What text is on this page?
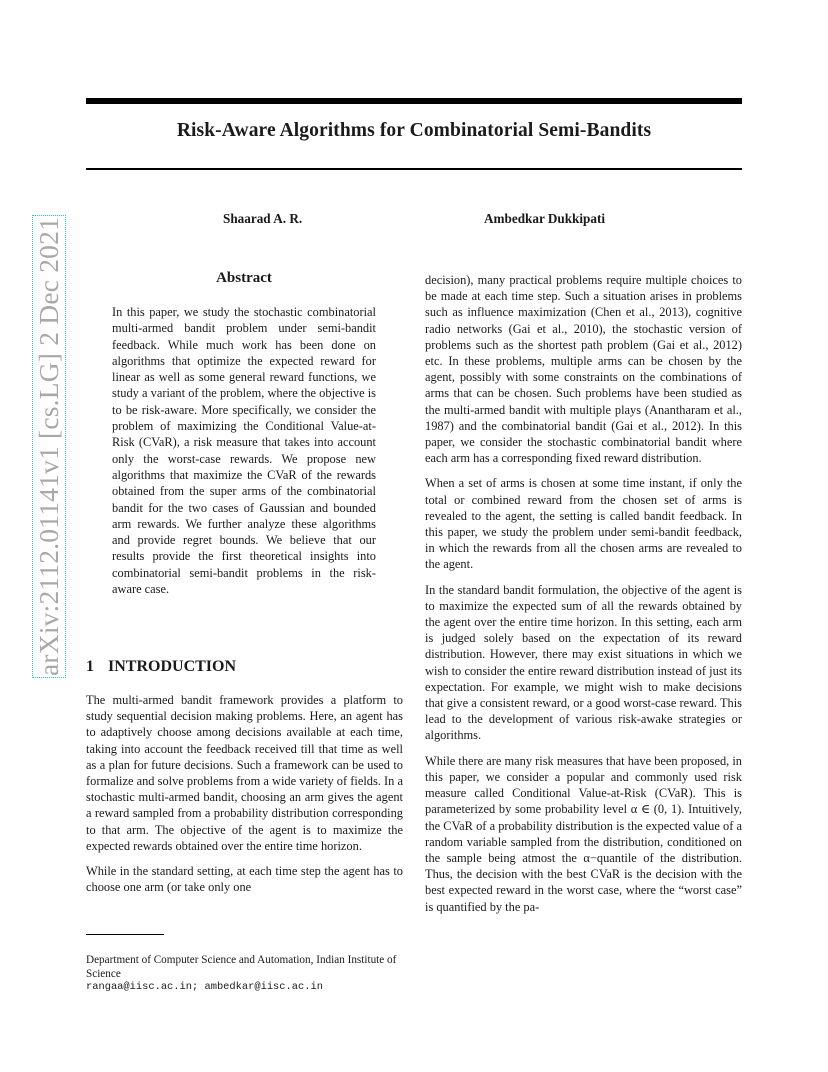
arXiv:2112.01141v1 [cs.LG] 2 Dec 2021
Risk-Aware Algorithms for Combinatorial Semi-Bandits
Shaarad A. R.	Ambedkar Dukkipati
Abstract
In this paper, we study the stochastic combinatorial multi-armed bandit problem under semi-bandit feedback. While much work has been done on algorithms that optimize the expected reward for linear as well as some general reward functions, we study a variant of the problem, where the objective is to be risk-aware. More specifically, we consider the problem of maximizing the Conditional Value-at-Risk (CVaR), a risk measure that takes into account only the worst-case rewards. We propose new algorithms that maximize the CVaR of the rewards obtained from the super arms of the combinatorial bandit for the two cases of Gaussian and bounded arm rewards. We further analyze these algorithms and provide regret bounds. We believe that our results provide the first theoretical insights into combinatorial semi-bandit problems in the risk-aware case.
1 INTRODUCTION

The multi-armed bandit framework provides a platform to study sequential decision making problems. Here, an agent has to adaptively choose among decisions available at each time, taking into account the feedback received till that time as well as a plan for future decisions. Such a framework can be used to formalize and solve problems from a wide variety of fields. In a stochastic multi-armed bandit, choosing an arm gives the agent a reward sampled from a probability distribution corresponding to that arm. The objective of the agent is to maximize the expected rewards obtained over the entire time horizon.

While in the standard setting, at each time step the agent has to choose one arm (or take only one

decision), many practical problems require multiple choices to be made at each time step. Such a situation arises in problems such as influence maximization (Chen et al., 2013), cognitive radio networks (Gai et al., 2010), the stochastic version of problems such as the shortest path problem (Gai et al., 2012) etc. In these problems, multiple arms can be chosen by the agent, possibly with some constraints on the combinations of arms that can be chosen. Such problems have been studied as the multi-armed bandit with multiple plays (Anantharam et al., 1987) and the combinatorial bandit (Gai et al., 2012). In this paper, we consider the stochastic combinatorial bandit where each arm has a corresponding fixed reward distribution.

When a set of arms is chosen at some time instant, if only the total or combined reward from the chosen set of arms is revealed to the agent, the setting is called bandit feedback. In this paper, we study the problem under semi-bandit feedback, in which the rewards from all the chosen arms are revealed to the agent.

In the standard bandit formulation, the objective of the agent is to maximize the expected sum of all the rewards obtained by the agent over the entire time horizon. In this setting, each arm is judged solely based on the expectation of its reward distribution. However, there may exist situations in which we wish to consider the entire reward distribution instead of just its expectation. For example, we might wish to make decisions that give a consistent reward, or a good worst-case reward. This lead to the development of various risk-awake strategies or algorithms.

While there are many risk measures that have been proposed, in this paper, we consider a popular and commonly used risk measure called Conditional Value-at-Risk (CVaR). This is parameterized by some probability level α ∈ (0, 1). Intuitively, the CVaR of a probability distribution is the expected value of a random variable sampled from the distribution, conditioned on the sample being atmost the α−quantile of the distribution. Thus, the decision with the best CVaR is the decision with the best expected reward in the worst case, where the “worst case” is quantified by the pa-

Department of Computer Science and Automation, Indian Institute of Science
rangaa@iisc.ac.in; ambedkar@iisc.ac.in
